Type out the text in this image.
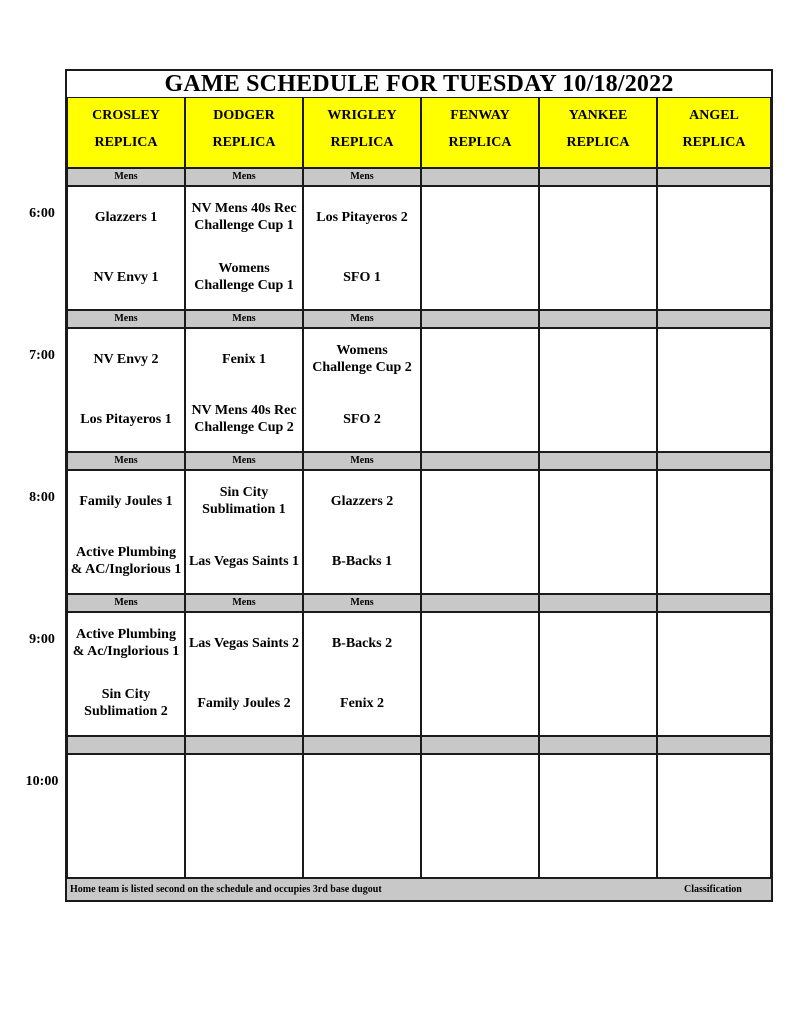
GAME SCHEDULE FOR TUESDAY 10/18/2022
CROSLEY
REPLICA
DODGER
REPLICA
WRIGLEY
REPLICA
FENWAY
REPLICA
YANKEE
REPLICA
ANGEL
REPLICA
Mens
Glazzers 1
NV Envy 1
Mens
NV Mens 40s Rec Challenge Cup 1
Womens Challenge Cup 1
Mens
Los Pitayeros 2
SFO 1
Mens
NV Envy 2
Los Pitayeros 1
Mens
Fenix 1
NV Mens 40s Rec Challenge Cup 2
Mens
Womens Challenge Cup 2
SFO 2
Mens
Family Joules 1
Active Plumbing & AC/Inglorious 1
Mens
Sin City Sublimation 1
Las Vegas Saints 1
Mens
Glazzers 2
B-Backs 1
Mens
Active Plumbing & Ac/Inglorious 1
Sin City Sublimation 2
Mens
Las Vegas Saints 2
Family Joules 2
Mens
B-Backs 2
Fenix 2
Home team is listed second on the schedule and occupies 3rd base dugout	Classification
6:00
7:00
8:00
9:00
10:00
